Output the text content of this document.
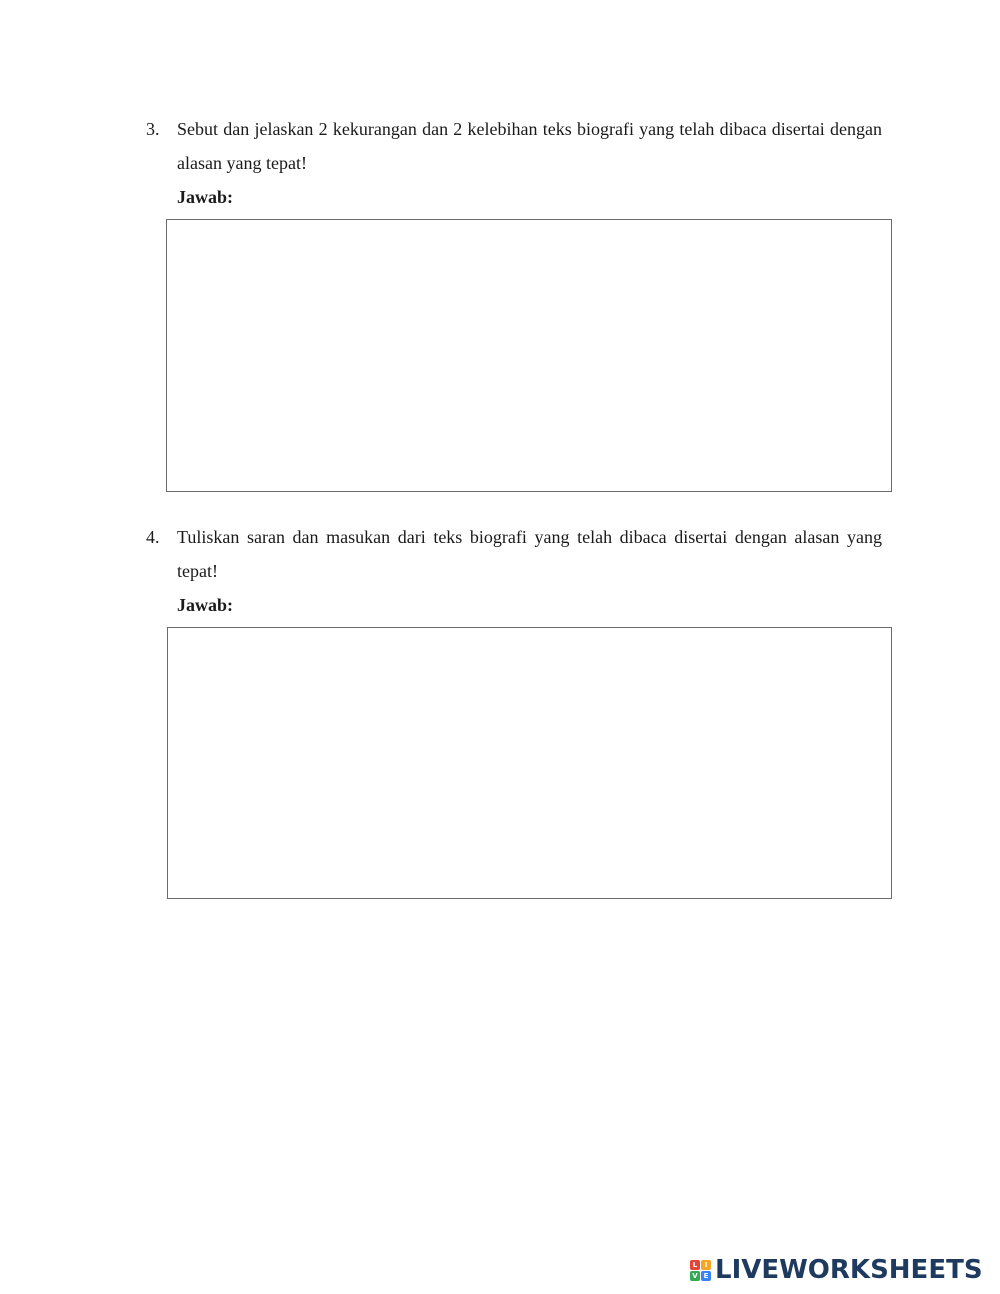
3. Sebut dan jelaskan 2 kekurangan dan 2 kelebihan teks biografi yang telah dibaca disertai dengan alasan yang tepat!
Jawab:
4. Tuliskan saran dan masukan dari teks biografi yang telah dibaca disertai dengan alasan yang tepat!
Jawab:
L	I
V E LIVEWORKSHEETS
